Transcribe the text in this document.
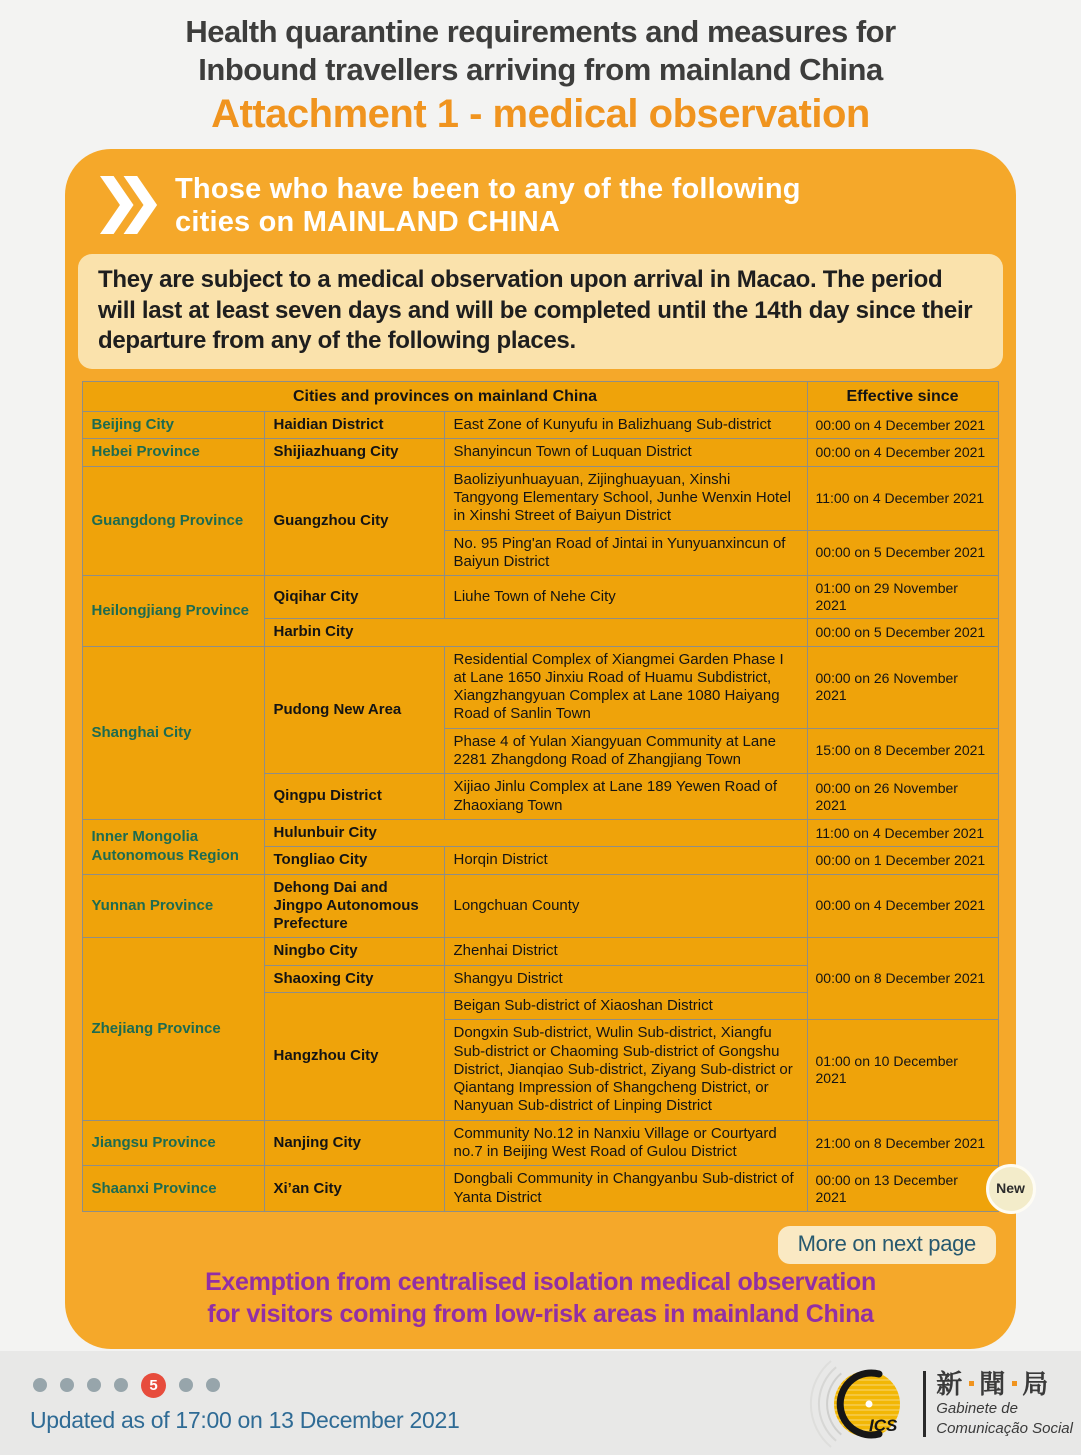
Health quarantine requirements and measures for
Inbound travellers arriving from mainland China
Attachment 1 - medical observation
Those who have been to any of the following
cities on MAINLAND CHINA
They are subject to a medical observation upon arrival in Macao. The period will last at least seven days and will be completed until the 14th day since their departure from any of the following places.
Cities and provinces on mainland China			Effective since
Beijing City	Haidian District	East Zone of Kunyufu in Balizhuang Sub-district	00:00 on 4 December 2021
Hebei Province	Shijiazhuang City	Shanyincun Town of Luquan District	00:00 on 4 December 2021
Guangdong Province	Guangzhou City	Baoliziyunhuayuan, Zijinghuayuan, Xinshi Tangyong Elementary School, Junhe Wenxin Hotel in Xinshi Street of Baiyun District	11:00 on 4 December 2021
		No. 95 Ping'an Road of Jintai in Yunyuanxincun of Baiyun District	00:00 on 5 December 2021
Heilongjiang Province	Qiqihar City	Liuhe Town of Nehe City	01:00 on 29 November 2021
	Harbin City		00:00 on 5 December 2021
Shanghai City	Pudong New Area	Residential Complex of Xiangmei Garden Phase I at Lane 1650 Jinxiu Road of Huamu Subdistrict, Xiangzhangyuan Complex at Lane 1080 Haiyang Road of Sanlin Town	00:00 on 26 November 2021
		Phase 4 of Yulan Xiangyuan Community at Lane 2281 Zhangdong Road of Zhangjiang Town	15:00 on 8 December 2021
	Qingpu District	Xijiao Jinlu Complex at Lane 189 Yewen Road of Zhaoxiang Town	00:00 on 26 November 2021
Inner Mongolia Autonomous Region	Hulunbuir City		11:00 on 4 December 2021
	Tongliao City	Horqin District	00:00 on 1 December 2021
Yunnan Province	Dehong Dai and Jingpo Autonomous Prefecture	Longchuan County	00:00 on 4 December 2021
Zhejiang Province	Ningbo City	Zhenhai District	00:00 on 8 December 2021
	Shaoxing City	Shangyu District	
	Hangzhou City	Beigan Sub-district of Xiaoshan District	
		Dongxin Sub-district, Wulin Sub-district, Xiangfu Sub-district or Chaoming Sub-district of Gongshu District, Jianqiao Sub-district, Ziyang Sub-district or Qiantang Impression of Shangcheng District, or Nanyuan Sub-district of Linping District	01:00 on 10 December 2021
Jiangsu Province	Nanjing City	Community No.12 in Nanxiu Village or Courtyard no.7 in Beijing West Road of Gulou District	21:00 on 8 December 2021
Shaanxi Province	Xi’an City	Dongbali Community in Changyanbu Sub-district of Yanta District	00:00 on 13 December 2021
New
More on next page
Exemption from centralised isolation medical observation
for visitors coming from low-risk areas in mainland China
5
Updated as of 17:00 on 13 December 2021	ICS
新 聞 局
Gabinete de
Comunicação Social
